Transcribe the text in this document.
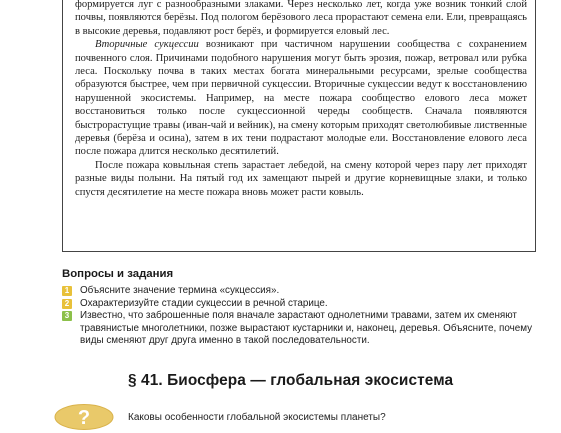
формируется луг с разнообразными злаками. Через несколько лет, когда уже возник тонкий слой почвы, появляются берёзы. Под пологом берёзового леса прорастают семена ели. Ели, превращаясь в высокие деревья, подавляют рост берёз, и формируется еловый лес.

Вторичные сукцессии возникают при частичном нарушении сообщества с сохранением почвенного слоя. Причинами подобного нарушения могут быть эрозия, пожар, ветровал или рубка леса. Поскольку почва в таких местах богата минеральными ресурсами, зрелые сообщества образуются быстрее, чем при первичной сукцессии. Вторичные сукцессии ведут к восстановлению нарушенной экосистемы. Например, на месте пожара сообщество елового леса может восстановиться только после сукцессионной череды сообществ. Сначала появляются быстрорастущие травы (иван-чай и вейник), на смену которым приходят светолюбивые лиственные деревья (берёза и осина), затем в их тени подрастают молодые ели. Восстановление елового леса после пожара длится несколько десятилетий.

После пожара ковыльная степь зарастает лебедой, на смену которой через пару лет приходят разные виды полыни. На пятый год их замещают пырей и другие корневищные злаки, и только спустя десятилетие на месте пожара вновь может расти ковыль.

Вопросы и задания
1 Объясните значение термина «сукцессия».
2 Охарактеризуйте стадии сукцессии в речной старице.
3 Известно, что заброшенные поля вначале зарастают однолетними травами, затем их сменяют травянистые многолетники, позже вырастают кустарники и, наконец, деревья. Объясните, почему виды сменяют друг друга именно в такой последовательности.
§ 41. Биосфера — глобальная экосистема
?	Каковы особенности глобальной экосистемы планеты?
